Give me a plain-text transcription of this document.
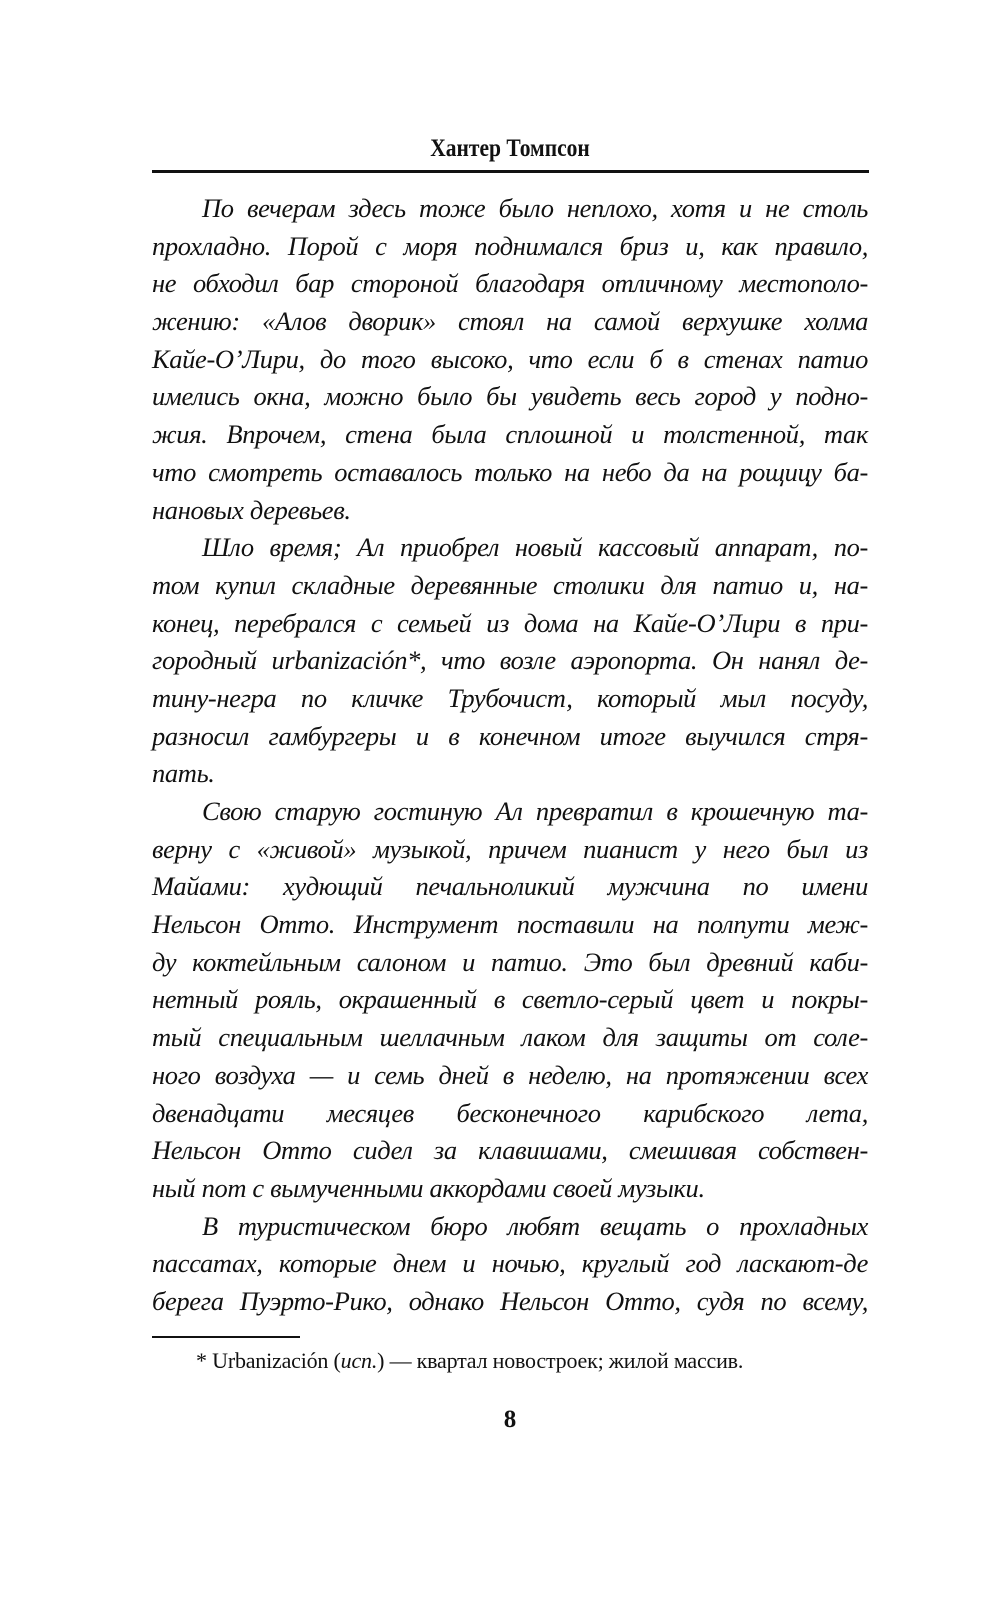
Хантер Томпсон
По вечерам здесь тоже было неплохо, хотя и не столь
прохладно. Порой с моря поднимался бриз и, как правило,
не обходил бар стороной благодаря отличному местополо-
жению: «Алов дворик» стоял на самой верхушке холма
Кайе-О’Лири, до того высоко, что если б в стенах патио
имелись окна, можно было бы увидеть весь город у подно-
жия. Впрочем, стена была сплошной и толстенной, так
что смотреть оставалось только на небо да на рощицу ба-
нановых деревьев.
Шло время; Ал приобрел новый кассовый аппарат, по-
том купил складные деревянные столики для патио и, на-
конец, перебрался с семьей из дома на Кайе-О’Лири в при-
городный urbanización*, что возле аэропорта. Он нанял де-
тину-негра по кличке Трубочист, который мыл посуду,
разносил гамбургеры и в конечном итоге выучился стря-
пать.
Свою старую гостиную Ал превратил в крошечную та-
верну с «живой» музыкой, причем пианист у него был из
Майами: худющий печальноликий мужчина по имени
Нельсон Отто. Инструмент поставили на полпути меж-
ду коктейльным салоном и патио. Это был древний каби-
нетный рояль, окрашенный в светло-серый цвет и покры-
тый специальным шеллачным лаком для защиты от соле-
ного воздуха — и семь дней в неделю, на протяжении всех
двенадцати месяцев бесконечного карибского лета,
Нельсон Отто сидел за клавишами, смешивая собствен-
ный пот с вымученными аккордами своей музыки.
В туристическом бюро любят вещать о прохладных
пассатах, которые днем и ночью, круглый год ласкают-де
берега Пуэрто-Рико, однако Нельсон Отто, судя по всему,
* Urbanización (исп.) — квартал новостроек; жилой массив.
8
